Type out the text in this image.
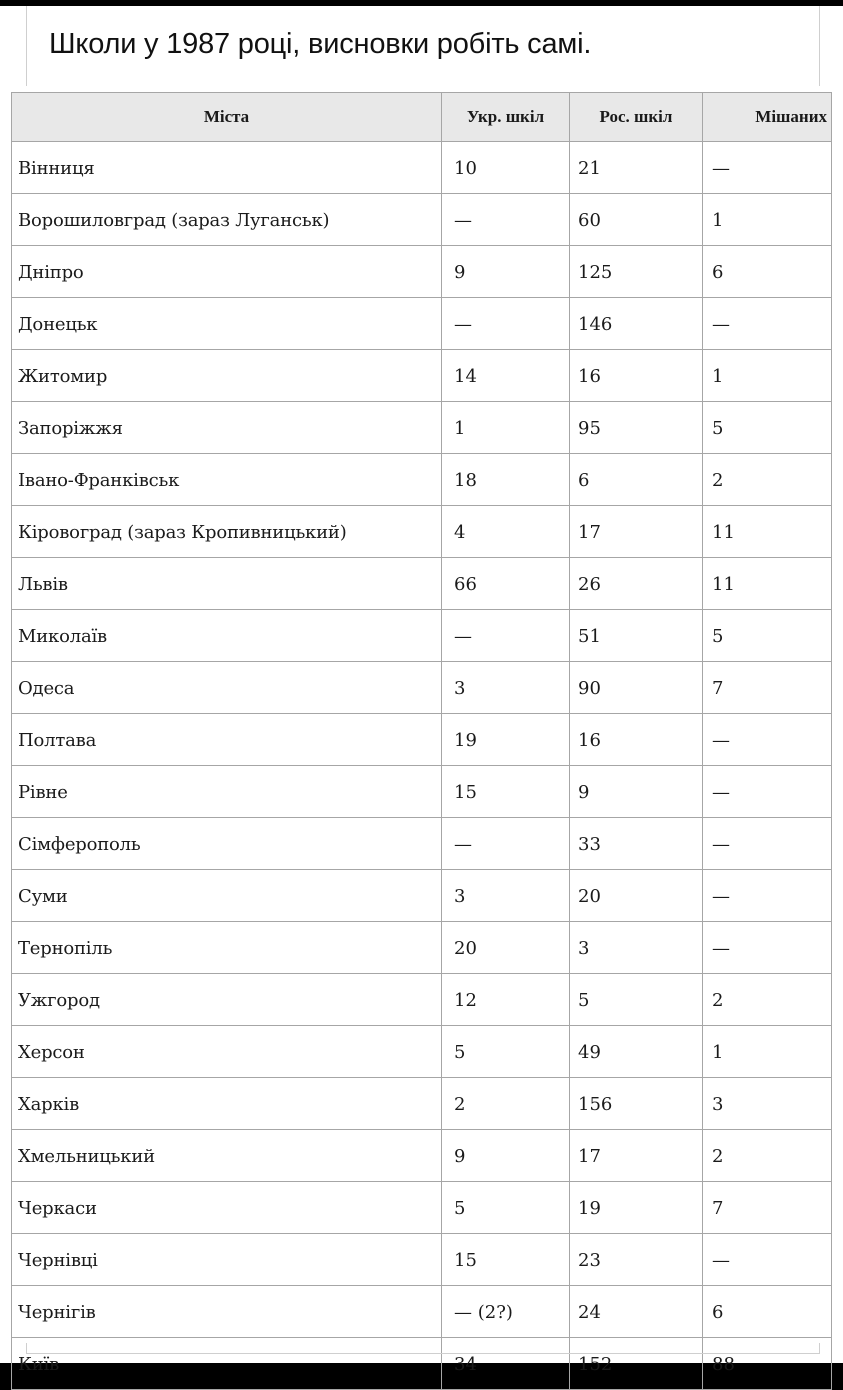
Школи у 1987 році, висновки робіть самі.
Міста	Укр. шкіл	Рос. шкіл	Мішаних
Вінниця	10	21	—
Ворошиловград (зараз Луганськ)	—	60	1
Дніпро	9	125	6
Донецьк	—	146	—
Житомир	14	16	1
Запоріжжя	1	95	5
Івано-Франківськ	18	6	2
Кіровоград (зараз Кропивницький)	4	17	11
Львів	66	26	11
Миколаїв	—	51	5
Одеса	3	90	7
Полтава	19	16	—
Рівне	15	9	—
Сімферополь	—	33	—
Суми	3	20	—
Тернопіль	20	3	—
Ужгород	12	5	2
Херсон	5	49	1
Харків	2	156	3
Хмельницький	9	17	2
Черкаси	5	19	7
Чернівці	15	23	—
Чернігів	— (2?)	24	6
Київ	34	152	88
